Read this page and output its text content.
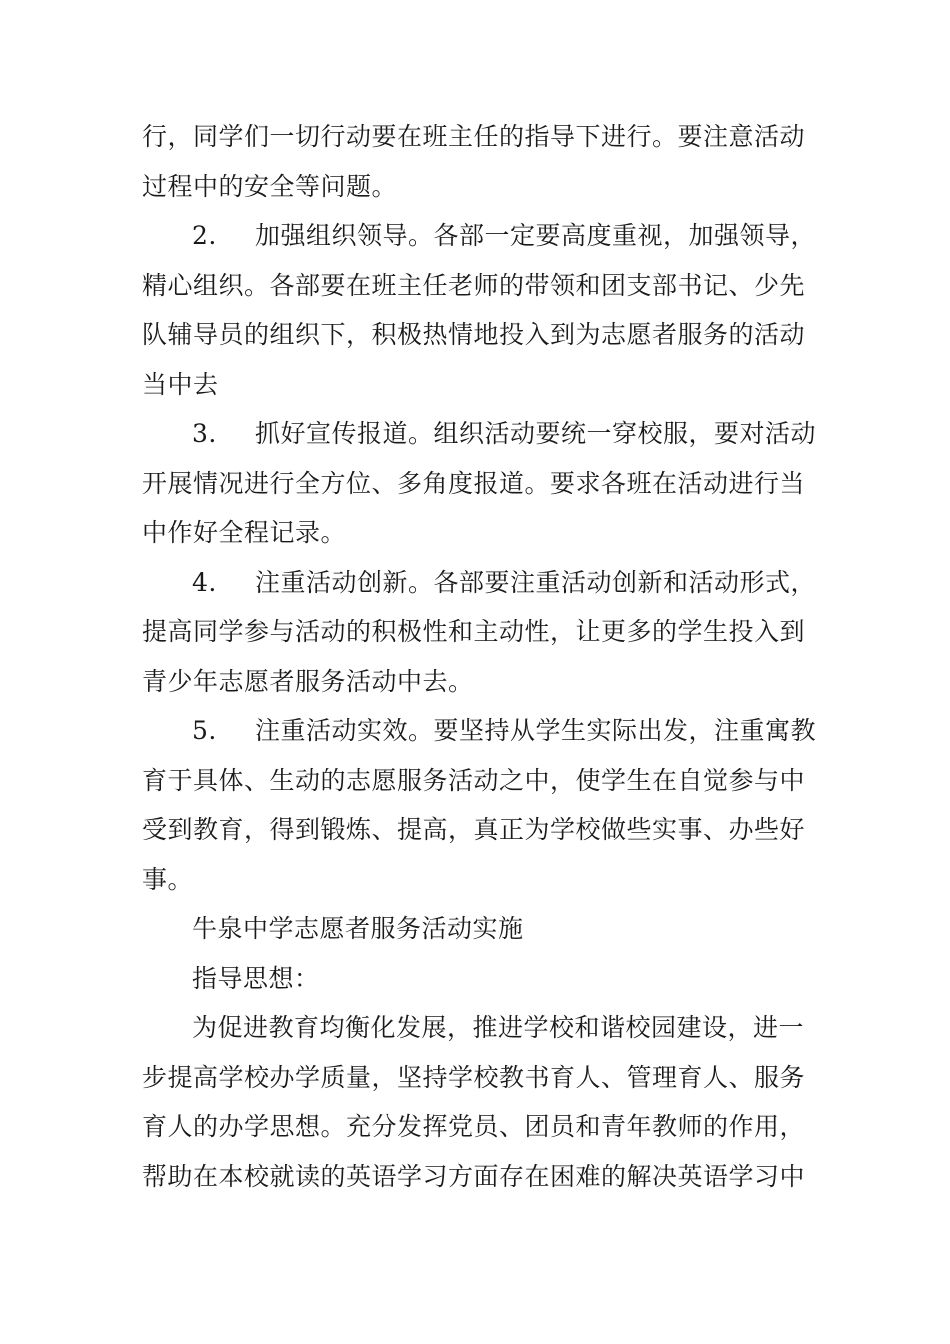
行，同学们一切行动要在班主任的指导下进行。要注意活动过程中的安全等问题。

2. 加强组织领导。各部一定要高度重视，加强领导，精心组织。各部要在班主任老师的带领和团支部书记、少先队辅导员的组织下，积极热情地投入到为志愿者服务的活动当中去

3. 抓好宣传报道。组织活动要统一穿校服，要对活动开展情况进行全方位、多角度报道。要求各班在活动进行当中作好全程记录。

4. 注重活动创新。各部要注重活动创新和活动形式，提高同学参与活动的积极性和主动性，让更多的学生投入到青少年志愿者服务活动中去。

5. 注重活动实效。要坚持从学生实际出发，注重寓教育于具体、生动的志愿服务活动之中，使学生在自觉参与中受到教育，得到锻炼、提高，真正为学校做些实事、办些好事。

牛泉中学志愿者服务活动实施

指导思想：

为促进教育均衡化发展，推进学校和谐校园建设，进一步提高学校办学质量，坚持学校教书育人、管理育人、服务育人的办学思想。充分发挥党员、团员和青年教师的作用，帮助在本校就读的英语学习方面存在困难的解决英语学习中
